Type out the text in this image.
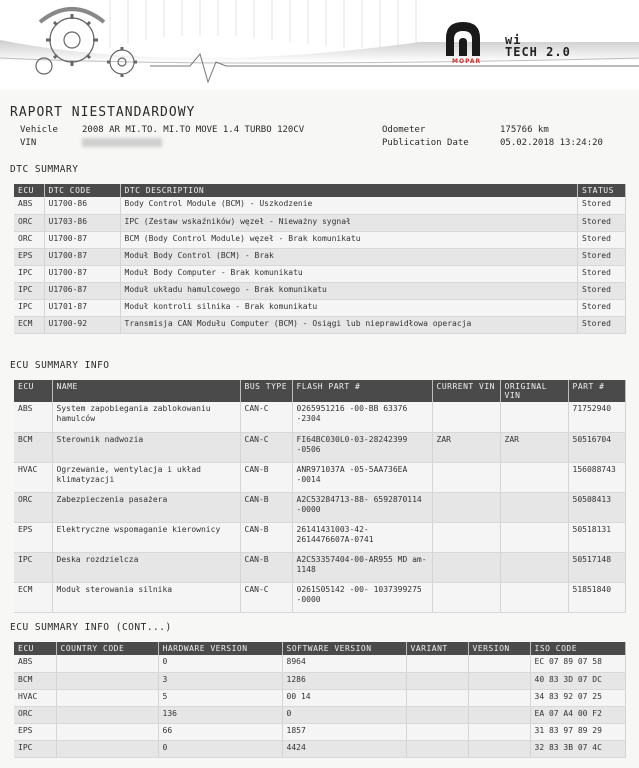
wi
TECH 2.0
MOPAR
RAPORT NIESTANDARDOWY
Vehicle	2008 AR MI.TO. MI.TO MOVE 1.4 TURBO 120CV
VIN
Odometer	175766 km
Publication Date	05.02.2018 13:24:20
DTC SUMMARY
ECU	DTC CODE	DTC DESCRIPTION	STATUS
ABS	U1700-86	Body Control Module (BCM) - Uszkodzenie	Stored
ORC	U1703-86	IPC (Zestaw wskaźników) węzeł - Nieważny sygnał	Stored
ORC	U1700-87	BCM (Body Control Module) węzeł - Brak komunikatu	Stored
EPS	U1700-87	Moduł Body Control (BCM) - Brak	Stored
IPC	U1700-87	Moduł Body Computer - Brak komunikatu	Stored
IPC	U1706-87	Moduł układu hamulcowego - Brak komunikatu	Stored
IPC	U1701-87	Moduł kontroli silnika - Brak komunikatu	Stored
ECM	U1700-92	Transmisja CAN Modułu Computer (BCM) - Osiągi lub nieprawidłowa operacja	Stored
ECU SUMMARY INFO
ECU	NAME	BUS TYPE	FLASH PART #	CURRENT VIN	ORIGINAL VIN	PART #
ABS	System zapobiegania zablokowaniu hamulców	CAN-C	0265951216 -00-BB 63376 -2304			71752940
BCM	Sterownik nadwozia	CAN-C	FI64BC030L0-03-28242399 -0506	ZAR	ZAR	50516704
HVAC	Ogrzewanie, wentylacja i układ klimatyzacji	CAN-B	ANR971037A -05-5AA736EA -0014			156088743
ORC	Zabezpieczenia pasażera	CAN-B	A2C53284713-88- 6592870114 -0000			50508413
EPS	Elektryczne wspomaganie kierownicy	CAN-B	26141431003-42- 2614476607A-0741			50518131
IPC	Deska rozdzielcza	CAN-B	A2C53357404-00-AR955 MD am-1148			50517148
ECM	Moduł sterowania silnika	CAN-C	0261S05142 -00- 1037399275 -0000			51851840
ECU SUMMARY INFO (CONT...)
ECU	COUNTRY CODE	HARDWARE VERSION	SOFTWARE VERSION	VARIANT	VERSION	ISO CODE
ABS		0	8964			EC 07 89 07 58
BCM		3	1286			40 83 3D 07 DC
HVAC		5	00 14			34 83 92 07 25
ORC		136	0			EA 07 A4 00 F2
EPS		66	1857			31 83 97 89 29
IPC		0	4424			32 83 3B 07 4C
